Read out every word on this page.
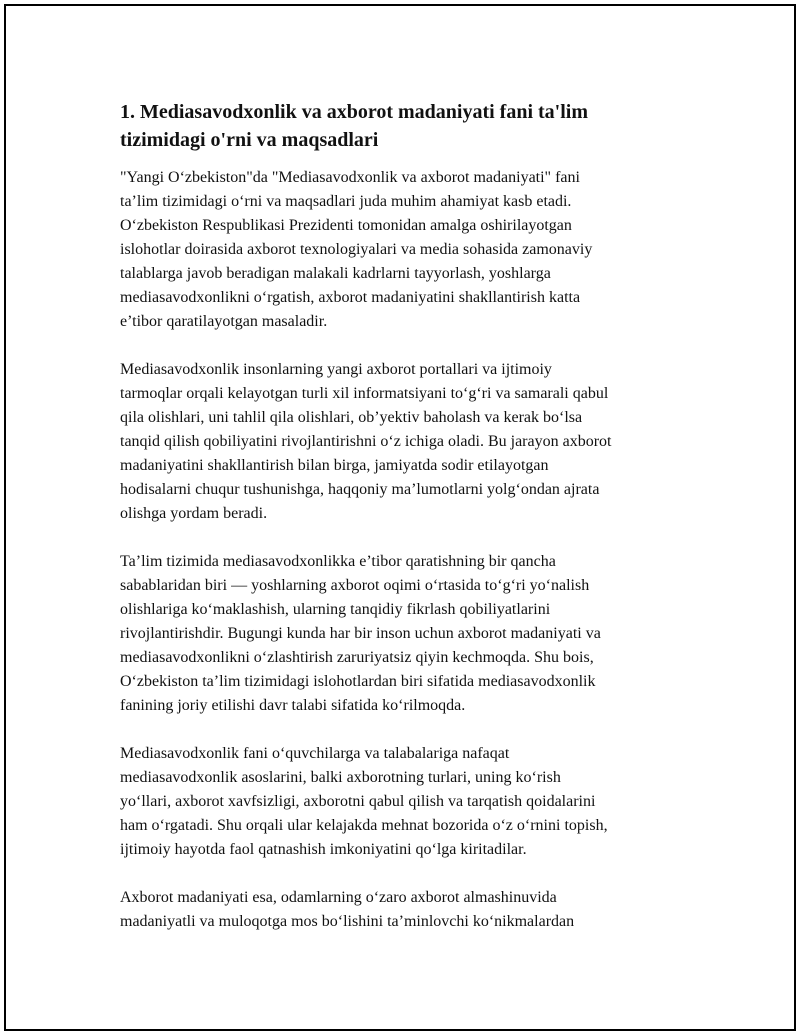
1. Mediasavodxonlik va axborot madaniyati fani ta'lim
tizimidagi o'rni va maqsadlari

"Yangi O‘zbekiston"da "Mediasavodxonlik va axborot madaniyati" fani
ta’lim tizimidagi o‘rni va maqsadlari juda muhim ahamiyat kasb etadi.
O‘zbekiston Respublikasi Prezidenti tomonidan amalga oshirilayotgan
islohotlar doirasida axborot texnologiyalari va media sohasida zamonaviy
talablarga javob beradigan malakali kadrlarni tayyorlash, yoshlarga
mediasavodxonlikni o‘rgatish, axborot madaniyatini shakllantirish katta
e’tibor qaratilayotgan masaladir.

Mediasavodxonlik insonlarning yangi axborot portallari va ijtimoiy
tarmoqlar orqali kelayotgan turli xil informatsiyani to‘g‘ri va samarali qabul
qila olishlari, uni tahlil qila olishlari, ob’yektiv baholash va kerak bo‘lsa
tanqid qilish qobiliyatini rivojlantirishni o‘z ichiga oladi. Bu jarayon axborot
madaniyatini shakllantirish bilan birga, jamiyatda sodir etilayotgan
hodisalarni chuqur tushunishga, haqqoniy ma’lumotlarni yolg‘ondan ajrata
olishga yordam beradi.

Ta’lim tizimida mediasavodxonlikka e’tibor qaratishning bir qancha
sabablaridan biri — yoshlarning axborot oqimi o‘rtasida to‘g‘ri yo‘nalish
olishlariga ko‘maklashish, ularning tanqidiy fikrlash qobiliyatlarini
rivojlantirishdir. Bugungi kunda har bir inson uchun axborot madaniyati va
mediasavodxonlikni o‘zlashtirish zaruriyatsiz qiyin kechmoqda. Shu bois,
O‘zbekiston ta’lim tizimidagi islohotlardan biri sifatida mediasavodxonlik
fanining joriy etilishi davr talabi sifatida ko‘rilmoqda.

Mediasavodxonlik fani o‘quvchilarga va talabalariga nafaqat
mediasavodxonlik asoslarini, balki axborotning turlari, uning ko‘rish
yo‘llari, axborot xavfsizligi, axborotni qabul qilish va tarqatish qoidalarini
ham o‘rgatadi. Shu orqali ular kelajakda mehnat bozorida o‘z o‘rnini topish,
ijtimoiy hayotda faol qatnashish imkoniyatini qo‘lga kiritadilar.

Axborot madaniyati esa, odamlarning o‘zaro axborot almashinuvida
madaniyatli va muloqotga mos bo‘lishini ta’minlovchi ko‘nikmalardan
